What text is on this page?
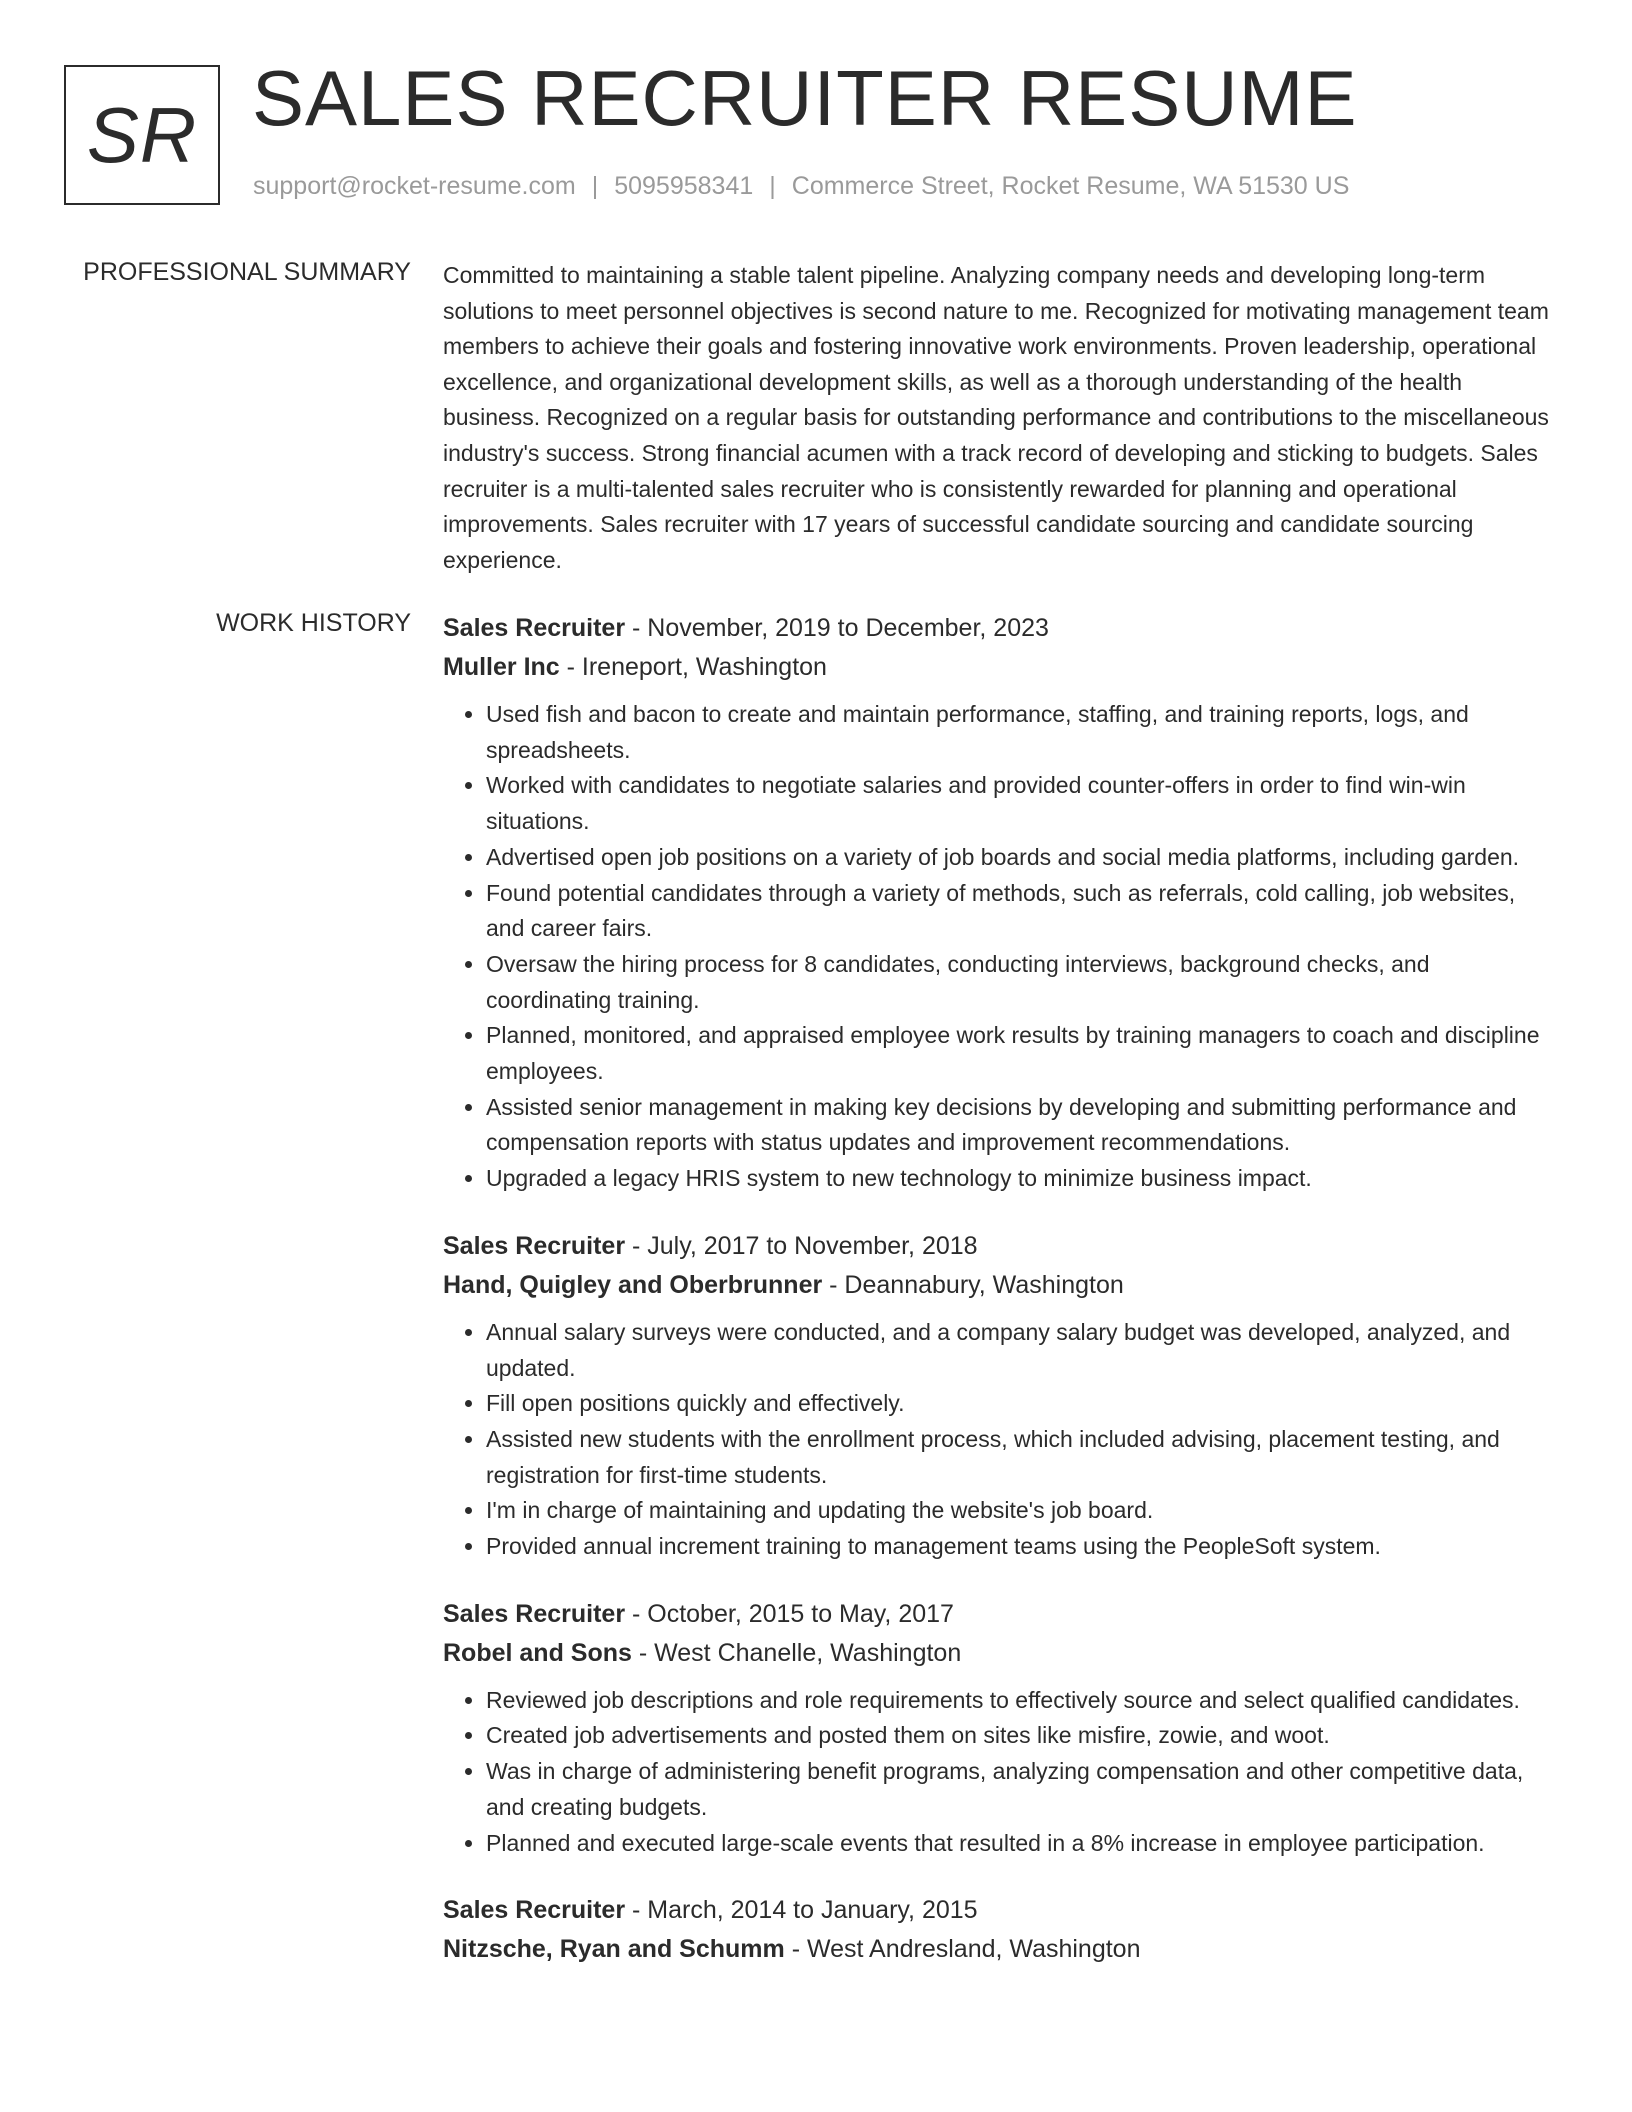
SR SALES RECRUITER RESUME
support@rocket-resume.com | 5095958341 | Commerce Street, Rocket Resume, WA 51530 US
PROFESSIONAL SUMMARY Committed to maintaining a stable talent pipeline. Analyzing company needs and developing long-term solutions to meet personnel objectives is second nature to me. Recognized for motivating management team members to achieve their goals and fostering innovative work environments. Proven leadership, operational excellence, and organizational development skills, as well as a thorough understanding of the health business. Recognized on a regular basis for outstanding performance and contributions to the miscellaneous industry's success. Strong financial acumen with a track record of developing and sticking to budgets. Sales recruiter is a multi-talented sales recruiter who is consistently rewarded for planning and operational improvements. Sales recruiter with 17 years of successful candidate sourcing and candidate sourcing experience.

WORK HISTORY Sales Recruiter - November, 2019 to December, 2023
Muller Inc - Ireneport, Washington
• Used fish and bacon to create and maintain performance, staffing, and training reports, logs, and spreadsheets.
• Worked with candidates to negotiate salaries and provided counter-offers in order to find win-win situations.
• Advertised open job positions on a variety of job boards and social media platforms, including garden.
• Found potential candidates through a variety of methods, such as referrals, cold calling, job websites, and career fairs.
• Oversaw the hiring process for 8 candidates, conducting interviews, background checks, and coordinating training.
• Planned, monitored, and appraised employee work results by training managers to coach and discipline employees.
• Assisted senior management in making key decisions by developing and submitting performance and compensation reports with status updates and improvement recommendations.
• Upgraded a legacy HRIS system to new technology to minimize business impact.
Sales Recruiter - July, 2017 to November, 2018
Hand, Quigley and Oberbrunner - Deannabury, Washington
• Annual salary surveys were conducted, and a company salary budget was developed, analyzed, and updated.
• Fill open positions quickly and effectively.
• Assisted new students with the enrollment process, which included advising, placement testing, and registration for first-time students.
• I'm in charge of maintaining and updating the website's job board.
• Provided annual increment training to management teams using the PeopleSoft system.
Sales Recruiter - October, 2015 to May, 2017
Robel and Sons - West Chanelle, Washington
• Reviewed job descriptions and role requirements to effectively source and select qualified candidates.
• Created job advertisements and posted them on sites like misfire, zowie, and woot.
• Was in charge of administering benefit programs, analyzing compensation and other competitive data, and creating budgets.
• Planned and executed large-scale events that resulted in a 8% increase in employee participation.
Sales Recruiter - March, 2014 to January, 2015
Nitzsche, Ryan and Schumm - West Andresland, Washington
